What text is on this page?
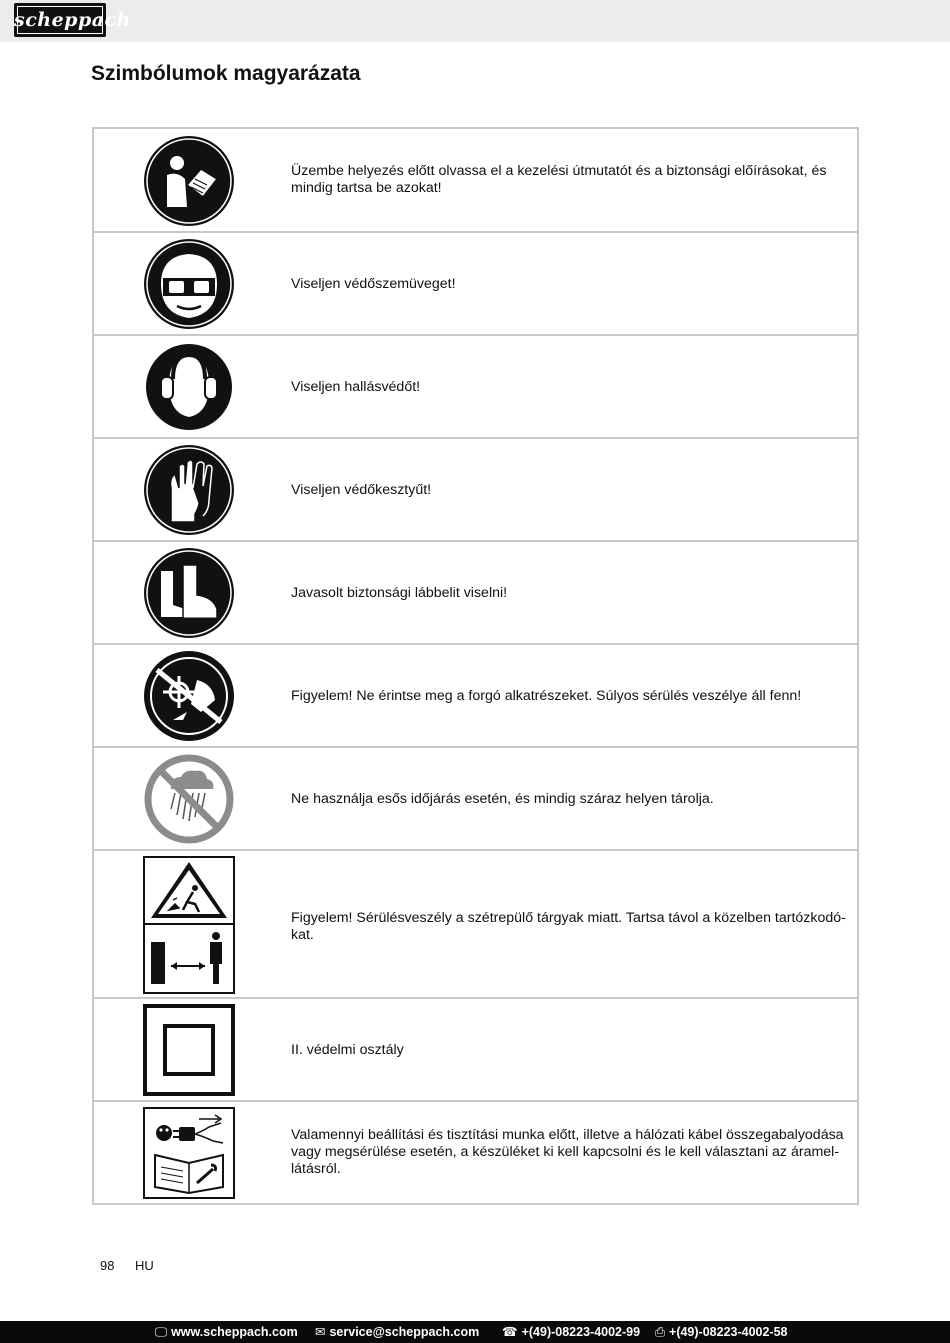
scheppach
Szimbólumok magyarázata
Üzembe helyezés előtt olvassa el a kezelési útmutatót és a biztonsági előírásokat, és mindig tartsa be azokat!
Viseljen védőszemüveget!
Viseljen hallásvédőt!
Viseljen védőkesztyűt!
Javasolt biztonsági lábbelit viselni!
Figyelem! Ne érintse meg a forgó alkatrészeket. Súlyos sérülés veszélye áll fenn!
Ne használja esős időjárás esetén, és mindig száraz helyen tárolja.
Figyelem! Sérülésveszély a szétrepülő tárgyak miatt. Tartsa távol a közelben tartózkodó-kat.
II. védelmi osztály
Valamennyi beállítási és tisztítási munka előtt, illetve a hálózati kábel összegabalyodása vagy megsérülése esetén, a készüléket ki kell kapcsolni és le kell választani az áramel-látásról.
98 HU
🖵 www.scheppach.com ✉ service@scheppach.com ☎ +(49)-08223-4002-99 ⎙ +(49)-08223-4002-58
